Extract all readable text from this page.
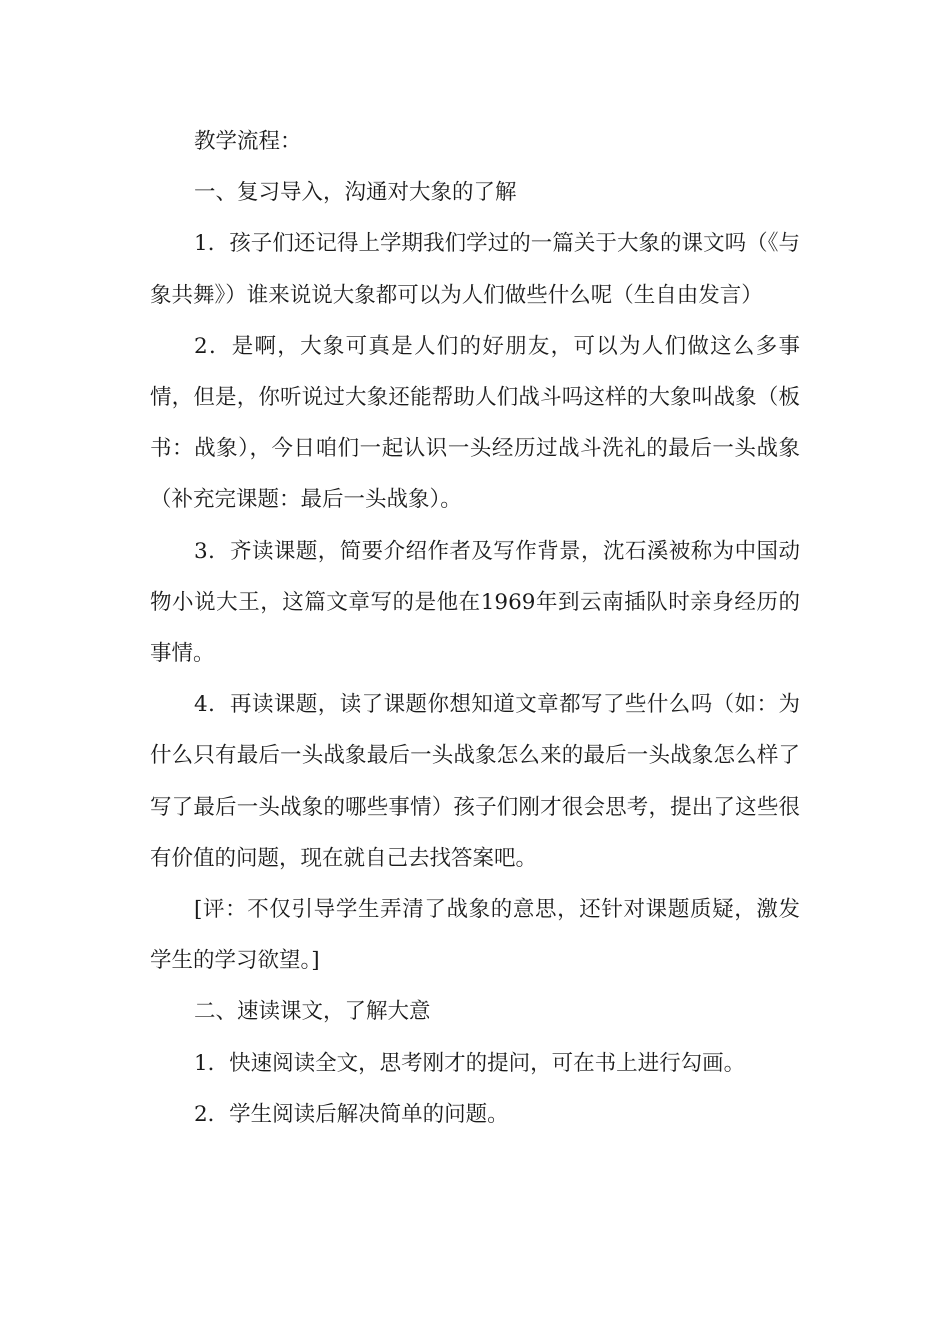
教学流程：

一、复习导入，沟通对大象的了解

1．孩子们还记得上学期我们学过的一篇关于大象的课文吗（《与象共舞》）谁来说说大象都可以为人们做些什么呢（生自由发言）

2．是啊，大象可真是人们的好朋友，可以为人们做这么多事情，但是，你听说过大象还能帮助人们战斗吗这样的大象叫战象（板书：战象），今日咱们一起认识一头经历过战斗洗礼的最后一头战象（补充完课题：最后一头战象）。

3．齐读课题，简要介绍作者及写作背景，沈石溪被称为中国动物小说大王，这篇文章写的是他在1969年到云南插队时亲身经历的事情。

4．再读课题，读了课题你想知道文章都写了些什么吗（如：为什么只有最后一头战象最后一头战象怎么来的最后一头战象怎么样了写了最后一头战象的哪些事情）孩子们刚才很会思考，提出了这些很有价值的问题，现在就自己去找答案吧。

[评：不仅引导学生弄清了战象的意思，还针对课题质疑，激发学生的学习欲望。]

二、速读课文，了解大意

1．快速阅读全文，思考刚才的提问，可在书上进行勾画。

2．学生阅读后解决简单的问题。
